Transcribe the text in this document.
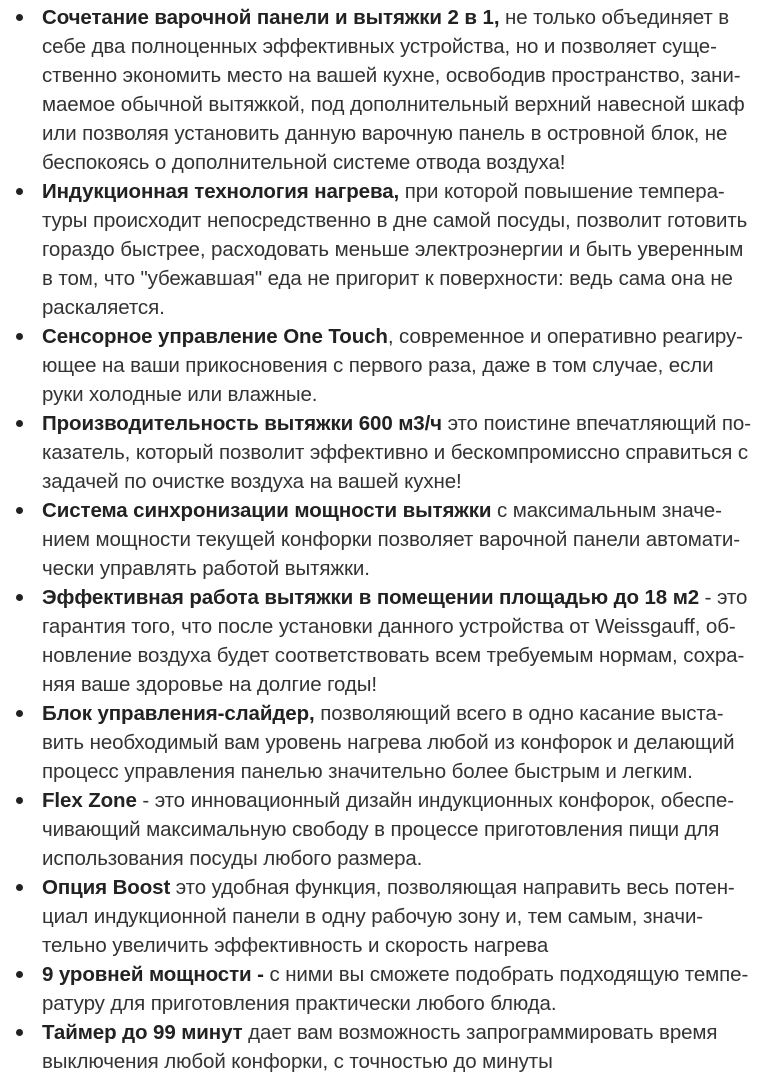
Сочетание варочной панели и вытяжки 2 в 1, не только объединяет в
себе два полноценных эффективных устройства, но и позволяет суще-
ственно экономить место на вашей кухне, освободив пространство, зани-
маемое обычной вытяжкой, под дополнительный верхний навесной шкаф
или позволяя установить данную варочную панель в островной блок, не
беспокоясь о дополнительной системе отвода воздуха!
Индукционная технология нагрева, при которой повышение темпера-
туры происходит непосредственно в дне самой посуды, позволит готовить
гораздо быстрее, расходовать меньше электроэнергии и быть уверенным
в том, что "убежавшая" еда не пригорит к поверхности: ведь сама она не
раскаляется.
Сенсорное управление One Touch, современное и оперативно реагиру-
ющее на ваши прикосновения с первого раза, даже в том случае, если
руки холодные или влажные.
Производительность вытяжки 600 м3/ч это поистине впечатляющий по-
казатель, который позволит эффективно и бескомпромиссно справиться с
задачей по очистке воздуха на вашей кухне!
Система синхронизации мощности вытяжки с максимальным значе-
нием мощности текущей конфорки позволяет варочной панели автомати-
чески управлять работой вытяжки.
Эффективная работа вытяжки в помещении площадью до 18 м2 - это
гарантия того, что после установки данного устройства от Weissgauff, об-
новление воздуха будет соответствовать всем требуемым нормам, сохра-
няя ваше здоровье на долгие годы!
Блок управления-слайдер, позволяющий всего в одно касание выста-
вить необходимый вам уровень нагрева любой из конфорок и делающий
процесс управления панелью значительно более быстрым и легким.
Flex Zone - это инновационный дизайн индукционных конфорок, обеспе-
чивающий максимальную свободу в процессе приготовления пищи для
использования посуды любого размера.
Опция Boost это удобная функция, позволяющая направить весь потен-
циал индукционной панели в одну рабочую зону и, тем самым, значи-
тельно увеличить эффективность и скорость нагрева
9 уровней мощности - с ними вы сможете подобрать подходящую темпе-
ратуру для приготовления практически любого блюда.
Таймер до 99 минут дает вам возможность запрограммировать время
выключения любой конфорки, с точностью до минуты
